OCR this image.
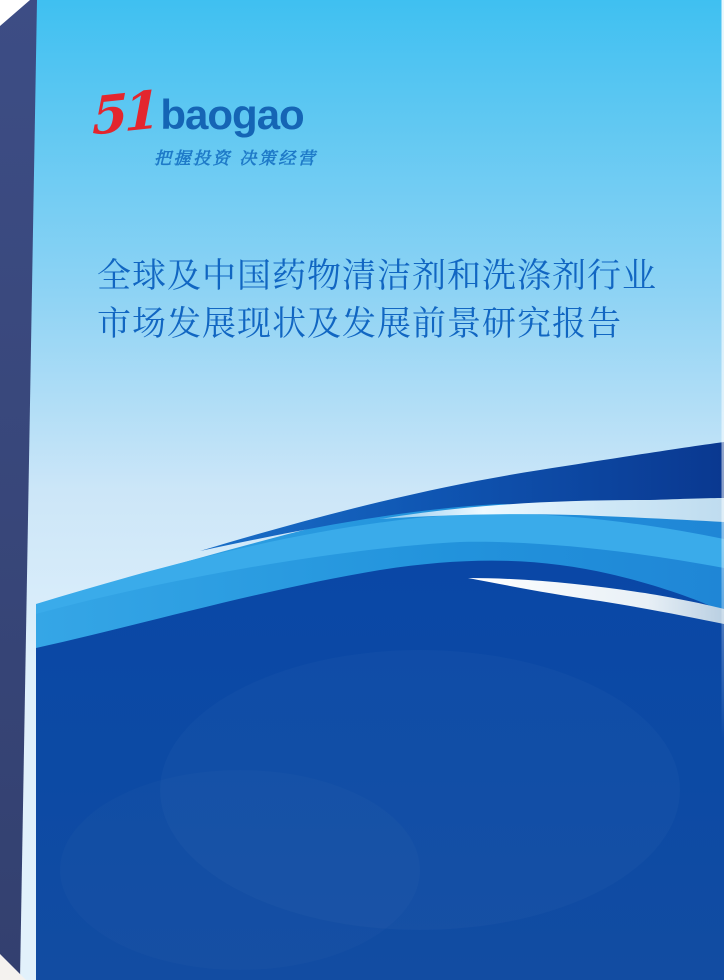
51 baogao
把握投资 决策经营
全球及中国药物清洁剂和洗涤剂行业
市场发展现状及发展前景研究报告
